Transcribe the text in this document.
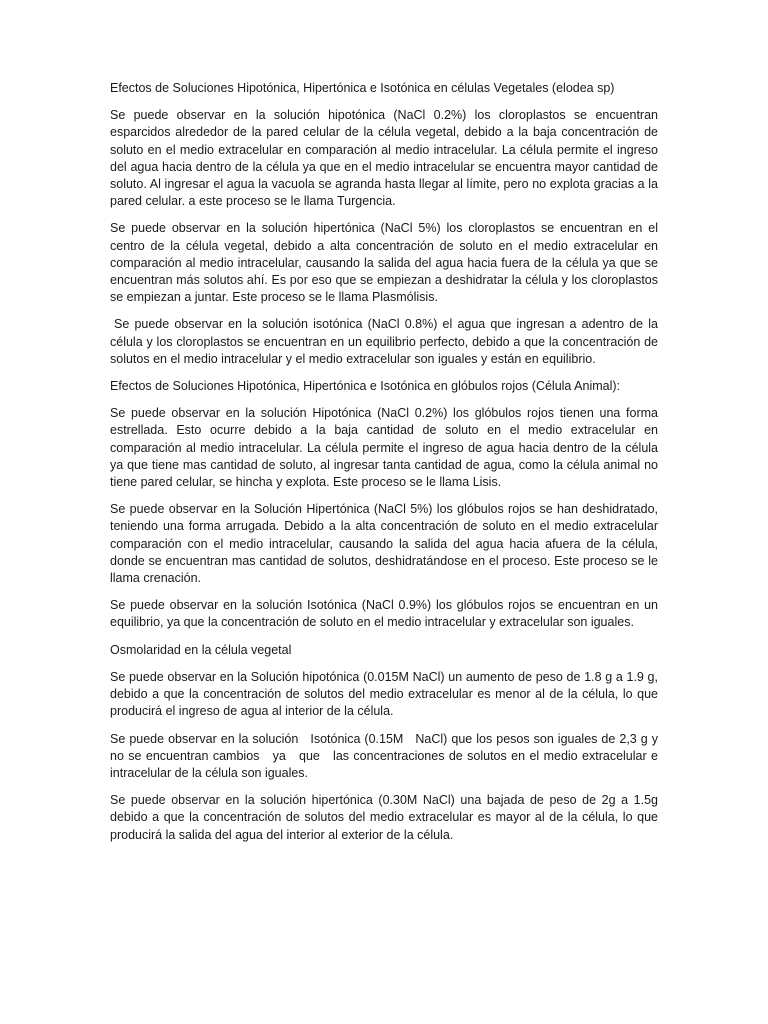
Efectos de Soluciones Hipotónica, Hipertónica e Isotónica en células Vegetales (elodea sp)

Se puede observar en la solución hipotónica (NaCl 0.2%) los cloroplastos se encuentran esparcidos alrededor de la pared celular de la célula vegetal, debido a la baja concentración de soluto en el medio extracelular en comparación al medio intracelular. La célula permite el ingreso del agua hacia dentro de la célula ya que en el medio intracelular se encuentra mayor cantidad de soluto. Al ingresar el agua la vacuola se agranda hasta llegar al límite, pero no explota gracias a la pared celular. a este proceso se le llama Turgencia.

Se puede observar en la solución hipertónica (NaCl 5%) los cloroplastos se encuentran en el centro de la célula vegetal, debido a alta concentración de soluto en el medio extracelular en comparación al medio intracelular, causando la salida del agua hacia fuera de la célula ya que se encuentran más solutos ahí. Es por eso que se empiezan a deshidratar la célula y los cloroplastos se empiezan a juntar. Este proceso se le llama Plasmólisis.

Se puede observar en la solución isotónica (NaCl 0.8%) el agua que ingresan a adentro de la célula y los cloroplastos se encuentran en un equilibrio perfecto, debido a que la concentración de solutos en el medio intracelular y el medio extracelular son iguales y están en equilibrio.

Efectos de Soluciones Hipotónica, Hipertónica e Isotónica en glóbulos rojos (Célula Animal):

Se puede observar en la solución Hipotónica (NaCl 0.2%) los glóbulos rojos tienen una forma estrellada. Esto ocurre debido a la baja cantidad de soluto en el medio extracelular en comparación al medio intracelular. La célula permite el ingreso de agua hacia dentro de la célula ya que tiene mas cantidad de soluto, al ingresar tanta cantidad de agua, como la célula animal no tiene pared celular, se hincha y explota. Este proceso se le llama Lisis.

Se puede observar en la Solución Hipertónica (NaCl 5%) los glóbulos rojos se han deshidratado, teniendo una forma arrugada. Debido a la alta concentración de soluto en el medio extracelular comparación con el medio intracelular, causando la salida del agua hacia afuera de la célula, donde se encuentran mas cantidad de solutos, deshidratándose en el proceso. Este proceso se le llama crenación.

Se puede observar en la solución Isotónica (NaCl 0.9%) los glóbulos rojos se encuentran en un equilibrio, ya que la concentración de soluto en el medio intracelular y extracelular son iguales.

Osmolaridad en la célula vegetal

Se puede observar en la Solución hipotónica (0.015M NaCl) un aumento de peso de 1.8 g a 1.9 g, debido a que la concentración de solutos del medio extracelular es menor al de la célula, lo que producirá el ingreso de agua al interior de la célula.

Se puede observar en la solución   Isotónica (0.15M   NaCl) que los pesos son iguales de 2,3 g y no se encuentran cambios   ya   que   las concentraciones de solutos en el medio extracelular e intracelular de la célula son iguales.

Se puede observar en la solución hipertónica (0.30M NaCl) una bajada de peso de 2g a 1.5g debido a que la concentración de solutos del medio extracelular es mayor al de la célula, lo que producirá la salida del agua del interior al exterior de la célula.
